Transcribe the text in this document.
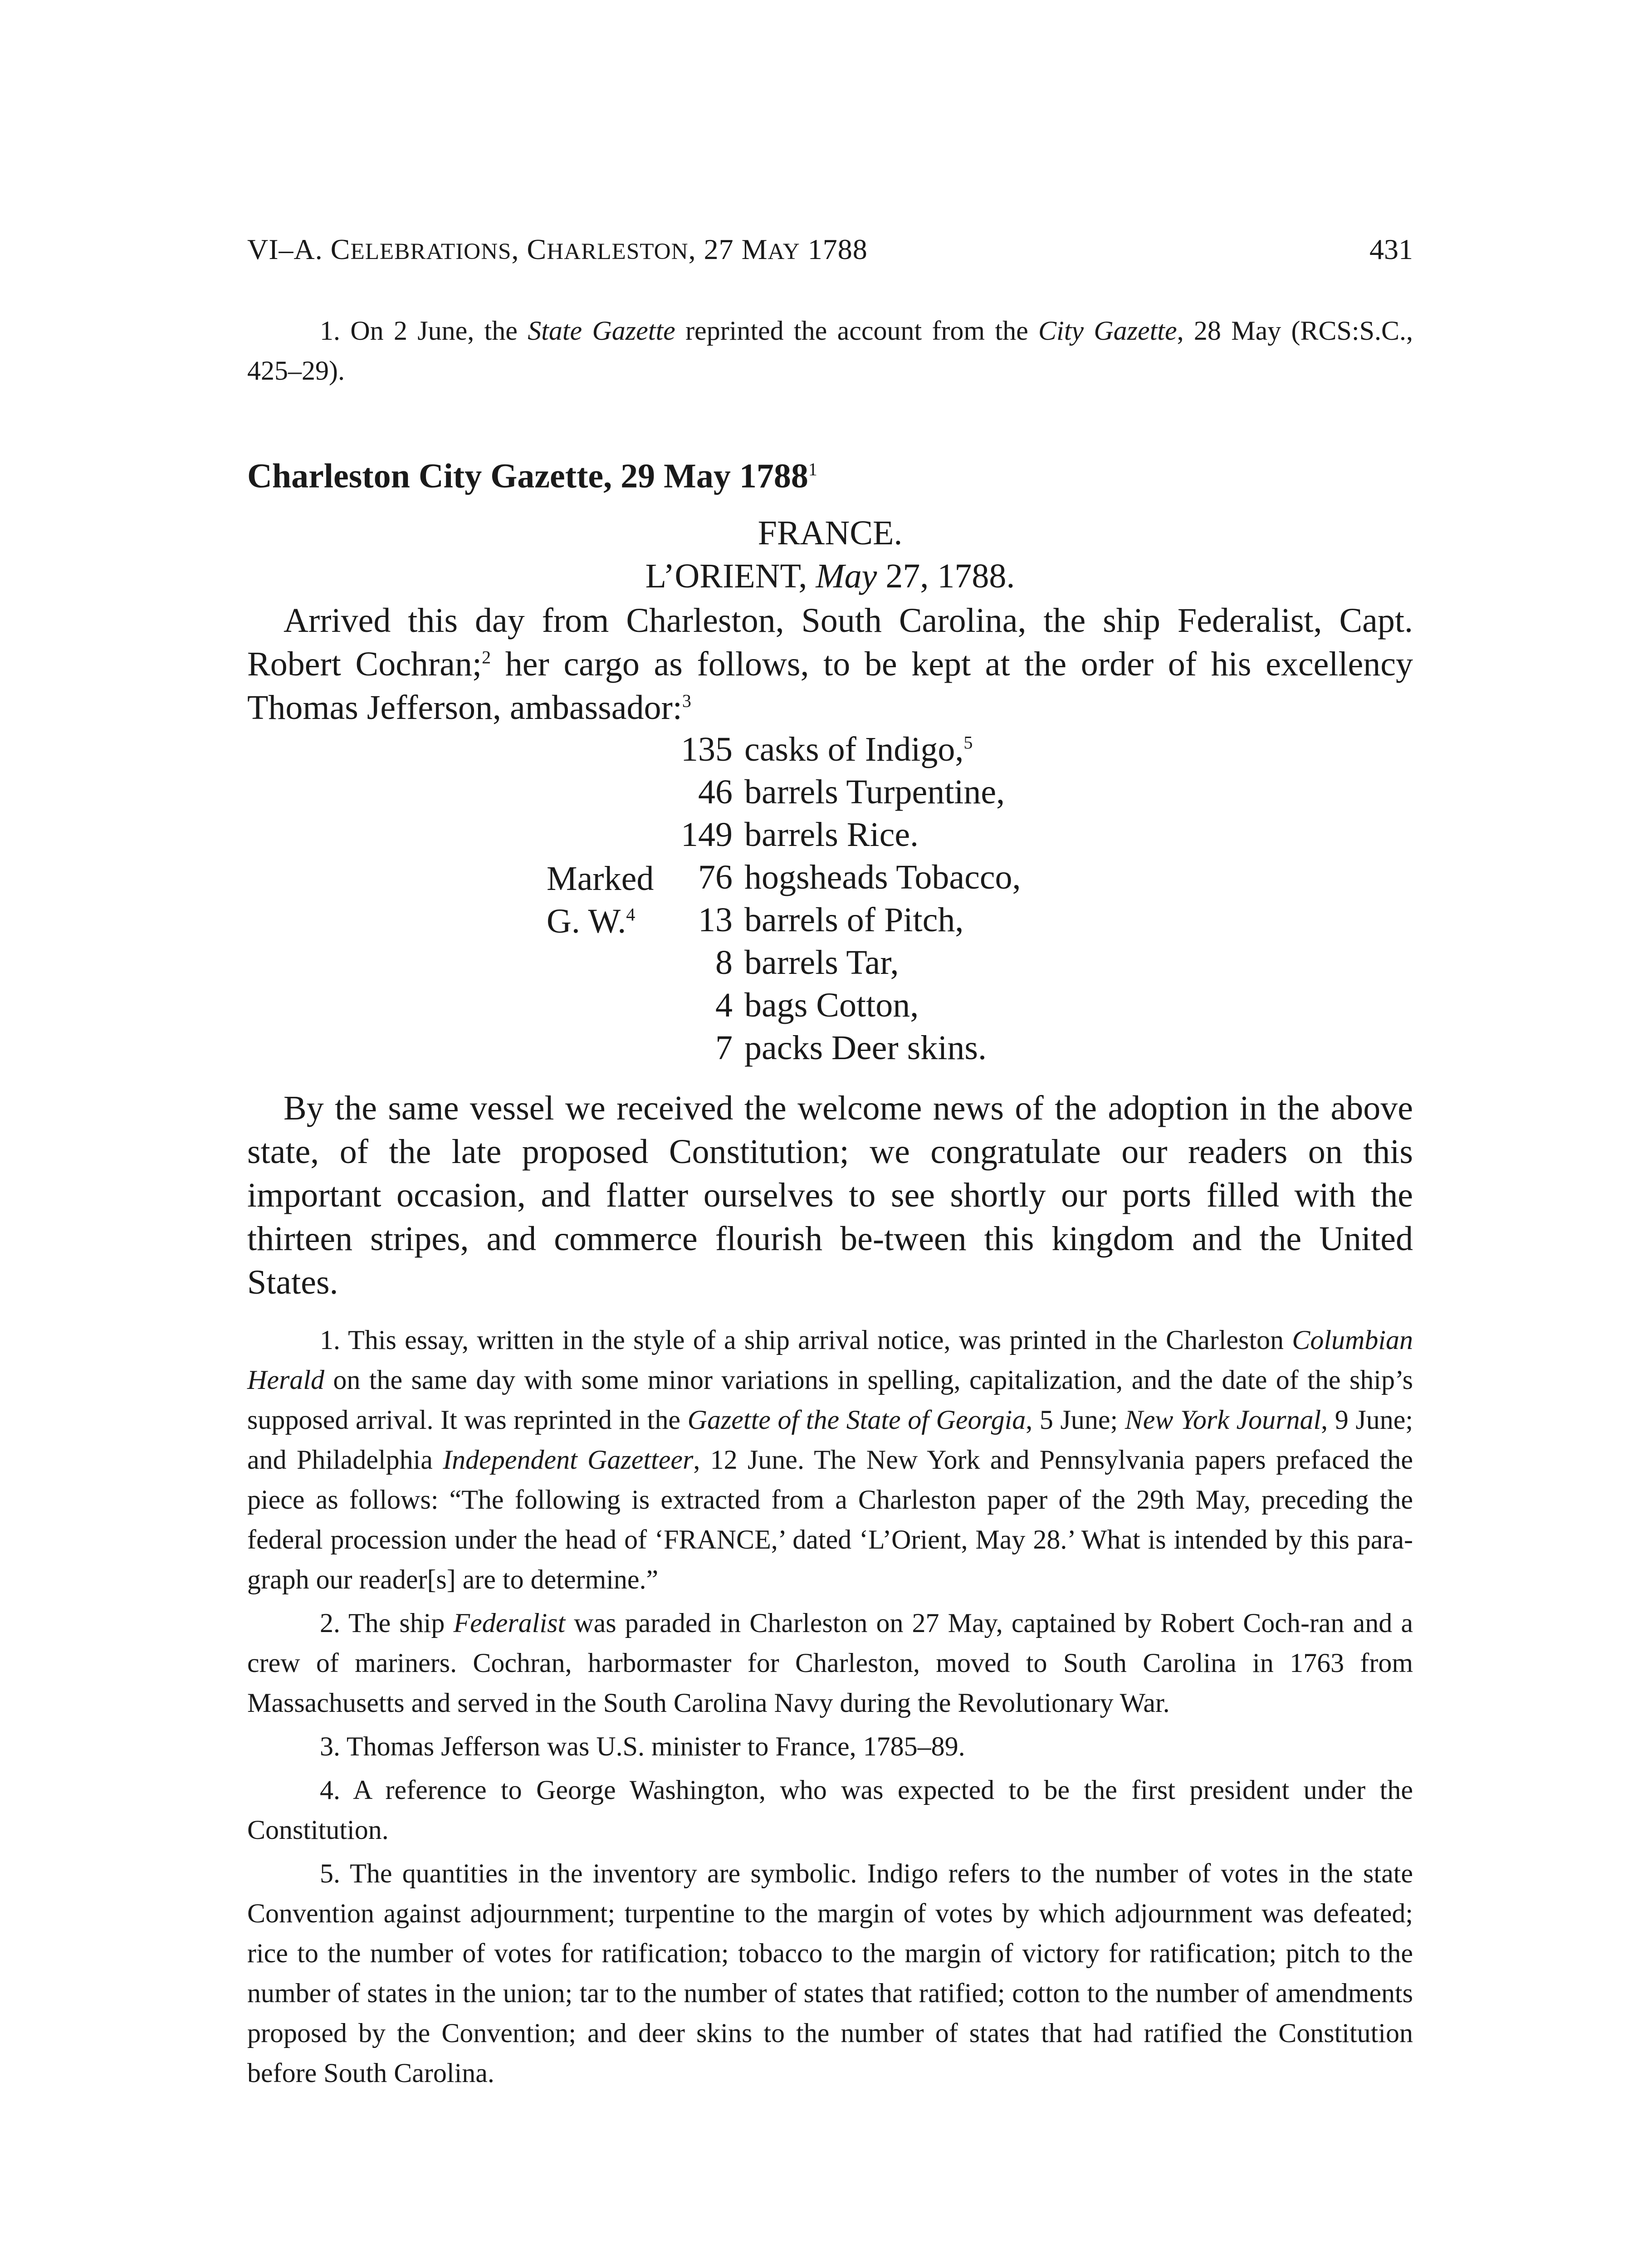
VI–A. CELEBRATIONS, CHARLESTON, 27 MAY 1788	431

1. On 2 June, the State Gazette reprinted the account from the City Gazette, 28 May (RCS:S.C., 425–29).

Charleston City Gazette, 29 May 1788$^1$
FRANCE.
L’ORIENT, May 27, 1788.

Arrived this day from Charleston, South Carolina, the ship Federalist, Capt. Robert Cochran;$^2$ her cargo as follows, to be kept at the order of his excellency Thomas Jefferson, ambassador:$^3$

Marked
G. W.$^4$
135 casks of Indigo,$^5$
46 barrels Turpentine,
149 barrels Rice.
76 hogsheads Tobacco,
13 barrels of Pitch,
8 barrels Tar,
4 bags Cotton,
7 packs Deer skins.

By the same vessel we received the welcome news of the adoption in the above state, of the late proposed Constitution; we congratulate our readers on this important occasion, and flatter ourselves to see shortly our ports filled with the thirteen stripes, and commerce flourish be-tween this kingdom and the United States.

1. This essay, written in the style of a ship arrival notice, was printed in the Charleston Columbian Herald on the same day with some minor variations in spelling, capitalization, and the date of the ship’s supposed arrival. It was reprinted in the Gazette of the State of Georgia, 5 June; New York Journal, 9 June; and Philadelphia Independent Gazetteer, 12 June. The New York and Pennsylvania papers prefaced the piece as follows: “The following is extracted from a Charleston paper of the 29th May, preceding the federal procession under the head of ‘FRANCE,’ dated ‘L’Orient, May 28.’ What is intended by this para-graph our reader[s] are to determine.”

2. The ship Federalist was paraded in Charleston on 27 May, captained by Robert Coch-ran and a crew of mariners. Cochran, harbormaster for Charleston, moved to South Carolina in 1763 from Massachusetts and served in the South Carolina Navy during the Revolutionary War.

3. Thomas Jefferson was U.S. minister to France, 1785–89.

4. A reference to George Washington, who was expected to be the first president under the Constitution.

5. The quantities in the inventory are symbolic. Indigo refers to the number of votes in the state Convention against adjournment; turpentine to the margin of votes by which adjournment was defeated; rice to the number of votes for ratification; tobacco to the margin of victory for ratification; pitch to the number of states in the union; tar to the number of states that ratified; cotton to the number of amendments proposed by the Convention; and deer skins to the number of states that had ratified the Constitution before South Carolina.
